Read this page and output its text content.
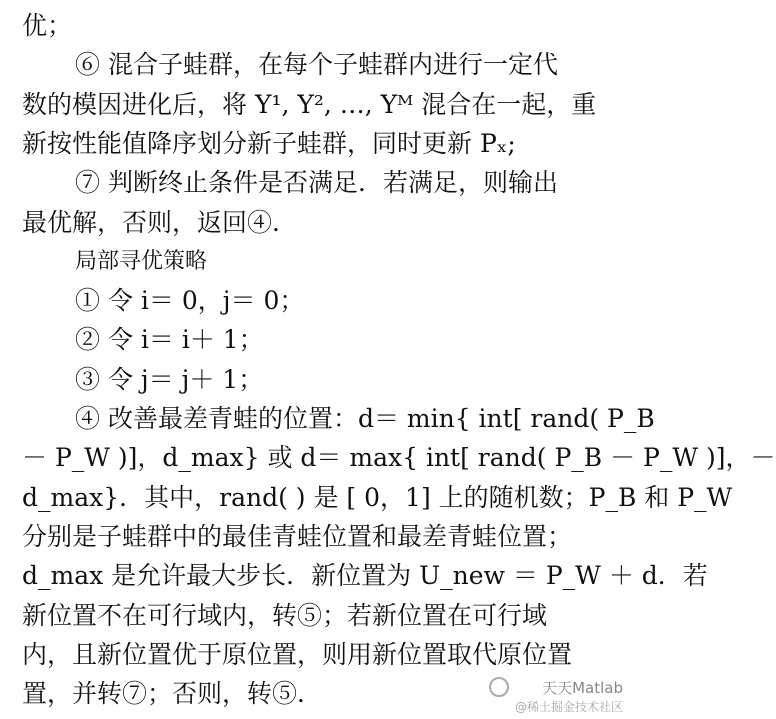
优；
⑥ 混合子蛙群，在每个子蛙群内进行一定代
数的模因进化后，将 Y¹, Y², …, Yᴹ 混合在一起，重
新按性能值降序划分新子蛙群，同时更新 Pₓ;
⑦ 判断终止条件是否满足．若满足，则输出
最优解，否则，返回④．
局部寻优策略
① 令 i＝ 0，j＝ 0；
② 令 i＝ i＋ 1；
③ 令 j＝ j＋ 1；
④ 改善最差青蛙的位置：d＝ min{ int[ rand( P_B
－ P_W )]，d_max} 或 d＝ max{ int[ rand( P_B － P_W )]，－
d_max}．其中，rand( ) 是 [ 0，1] 上的随机数；P_B 和 P_W
分别是子蛙群中的最佳青蛙位置和最差青蛙位置；
d_max 是允许最大步长．新位置为 U_new ＝ P_W ＋ d．若
新位置不在可行域内，转⑤；若新位置在可行域
内，且新位置优于原位置，则用新位置取代原位置
置，并转⑦；否则，转⑤．	天天Matlab
@稀土掘金技术社区
